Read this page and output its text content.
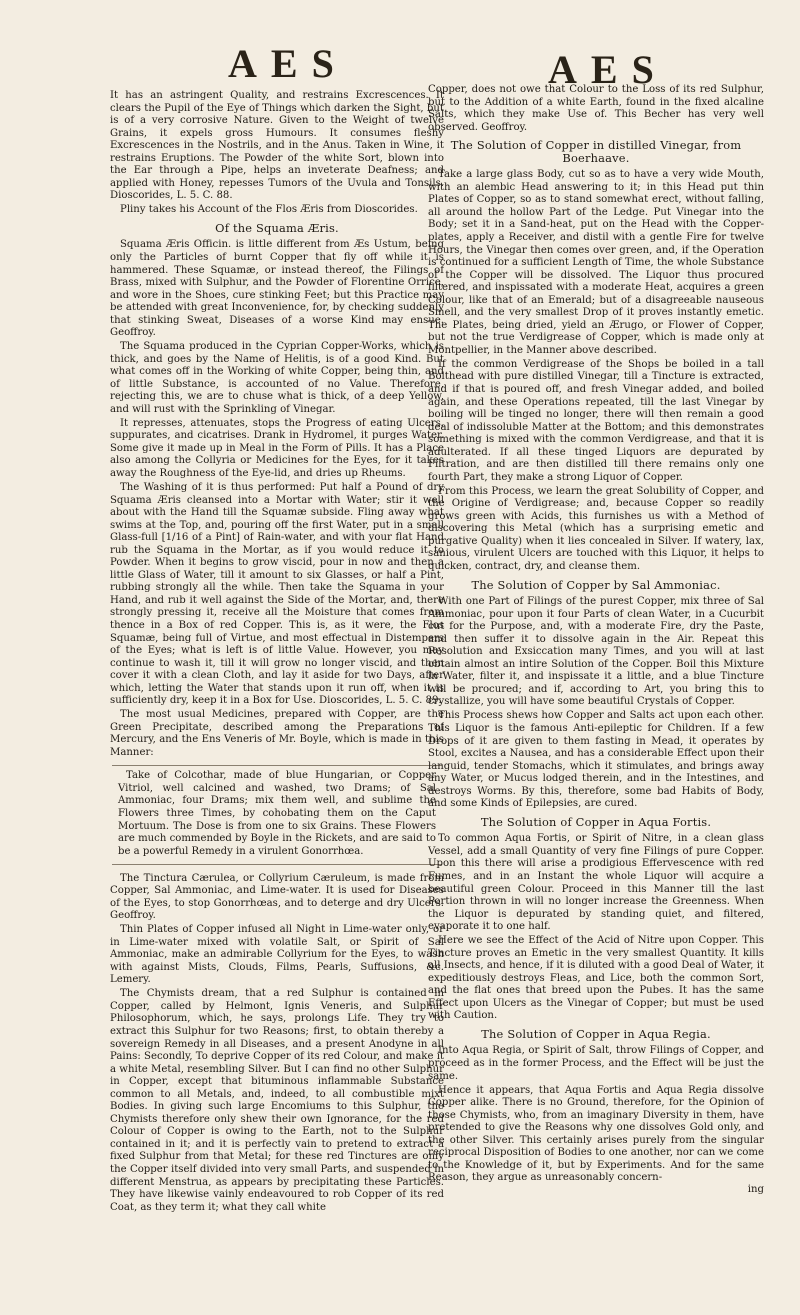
AES	AES

It has an astringent Quality, and restrains Excrescences. It clears the Pupil of the Eye of Things which darken the Sight, but is of a very corrosive Nature. Given to the Weight of twelve Grains, it expels gross Humours. It consumes fleshy Excrescences in the Nostrils, and in the Anus. Taken in Wine, it restrains Eruptions. The Powder of the white Sort, blown into the Ear through a Pipe, helps an inveterate Deafness; and applied with Honey, repesses Tumors of the Uvula and Tonsils. Dioscorides, L. 5. C. 88.

Pliny takes his Account of the Flos Æris from Dioscorides.

Of the Squama Æris.

Squama Æris Officin. is little different from Æs Ustum, being only the Particles of burnt Copper that fly off while it is hammered. These Squamæ, or instead thereof, the Filings of Brass, mixed with Sulphur, and the Powder of Florentine Orrice, and wore in the Shoes, cure stinking Feet; but this Practice may be attended with great Inconvenience, for, by checking suddenly that stinking Sweat, Diseases of a worse Kind may ensue. Geoffroy.

The Squama produced in the Cyprian Copper-Works, which is thick, and goes by the Name of Helitis, is of a good Kind. But what comes off in the Working of white Copper, being thin, and of little Substance, is accounted of no Value. Therefore, rejecting this, we are to chuse what is thick, of a deep Yellow, and will rust with the Sprinkling of Vinegar.

It represses, attenuates, stops the Progress of eating Ulcers, suppurates, and cicatrises. Drank in Hydromel, it purges Water. Some give it made up in Meal in the Form of Pills. It has a Place also among the Collyria or Medicines for the Eyes, for it takes away the Roughness of the Eye-lid, and dries up Rheums.

The Washing of it is thus performed: Put half a Pound of dry Squama Æris cleansed into a Mortar with Water; stir it well about with the Hand till the Squamæ subside. Fling away what swims at the Top, and, pouring off the first Water, put in a small Glass-full [1/16 of a Pint] of Rain-water, and with your flat Hand rub the Squama in the Mortar, as if you would reduce it to Powder. When it begins to grow viscid, pour in now and then a little Glass of Water, till it amount to six Glasses, or half a Pint, rubbing strongly all the while. Then take the Squama in your Hand, and rub it well against the Side of the Mortar, and, there strongly pressing it, receive all the Moisture that comes from thence in a Box of red Copper. This is, as it were, the Flos Squamæ, being full of Virtue, and most effectual in Distempers of the Eyes; what is left is of little Value. However, you may continue to wash it, till it will grow no longer viscid, and then cover it with a clean Cloth, and lay it aside for two Days, after which, letting the Water that stands upon it run off, when it is sufficiently dry, keep it in a Box for Use. Dioscorides, L. 5. C. 89.

The most usual Medicines, prepared with Copper, are the Green Precipitate, described among the Preparations of Mercury, and the Ens Veneris of Mr. Boyle, which is made in this Manner:

Take of Colcothar, made of blue Hungarian, or Copper Vitriol, well calcined and washed, two Drams; of Sal Ammoniac, four Drams; mix them well, and sublime the Flowers three Times, by cohobating them on the Caput Mortuum. The Dose is from one to six Grains. These Flowers are much commended by Boyle in the Rickets, and are said to be a powerful Remedy in a virulent Gonorrhœa.

The Tinctura Cærulea, or Collyrium Cæruleum, is made from Copper, Sal Ammoniac, and Lime-water. It is used for Diseases of the Eyes, to stop Gonorrhœas, and to deterge and dry Ulcers. Geoffroy.

Thin Plates of Copper infused all Night in Lime-water only, or in Lime-water mixed with volatile Salt, or Spirit of Sal Ammoniac, make an admirable Collyrium for the Eyes, to wash with against Mists, Clouds, Films, Pearls, Suffusions, &c. Lemery.

The Chymists dream, that a red Sulphur is contained in Copper, called by Helmont, Ignis Veneris, and Sulphur Philosophorum, which, he says, prolongs Life. They try to extract this Sulphur for two Reasons; first, to obtain thereby a sovereign Remedy in all Diseases, and a present Anodyne in all Pains: Secondly, To deprive Copper of its red Colour, and make it a white Metal, resembling Silver. But I can find no other Sulphur in Copper, except that bituminous inflammable Substance common to all Metals, and, indeed, to all combustible mixt Bodies. In giving such large Encomiums to this Sulphur, the Chymists therefore only shew their own Ignorance, for the red Colour of Copper is owing to the Earth, not to the Sulphur contained in it; and it is perfectly vain to pretend to extract a fixed Sulphur from that Metal; for these red Tinctures are only the Copper itself divided into very small Parts, and suspended in different Menstrua, as appears by precipitating these Particles. They have likewise vainly endeavoured to rob Copper of its red Coat, as they term it; what they call white

Copper, does not owe that Colour to the Loss of its red Sulphur, but to the Addition of a white Earth, found in the fixed alcaline Salts, which they make Use of. This Becher has very well observed. Geoffroy.

The Solution of Copper in distilled Vinegar, from Boerhaave.

Take a large glass Body, cut so as to have a very wide Mouth, with an alembic Head answering to it; in this Head put thin Plates of Copper, so as to stand somewhat erect, without falling, all around the hollow Part of the Ledge. Put Vinegar into the Body; set it in a Sand-heat, put on the Head with the Copper-plates, apply a Receiver, and distil with a gentle Fire for twelve Hours, the Vinegar then comes over green, and, if the Operation is continued for a sufficient Length of Time, the whole Substance of the Copper will be dissolved. The Liquor thus procured filtered, and inspissated with a moderate Heat, acquires a green Colour, like that of an Emerald; but of a disagreeable nauseous Smell, and the very smallest Drop of it proves instantly emetic. The Plates, being dried, yield an Ærugo, or Flower of Copper, but not the true Verdigrease of Copper, which is made only at Montpellier, in the Manner above described.

If the common Verdigrease of the Shops be boiled in a tall Bolthead with pure distilled Vinegar, till a Tincture is extracted, and if that is poured off, and fresh Vinegar added, and boiled again, and these Operations repeated, till the last Vinegar by boiling will be tinged no longer, there will then remain a good deal of indissoluble Matter at the Bottom; and this demonstrates something is mixed with the common Verdigrease, and that it is adulterated. If all these tinged Liquors are depurated by Filtration, and are then distilled till there remains only one fourth Part, they make a strong Liquor of Copper.

From this Process, we learn the great Solubility of Copper, and the Origine of Verdigrease; and, because Copper so readily grows green with Acids, this furnishes us with a Method of discovering this Metal (which has a surprising emetic and purgative Quality) when it lies concealed in Silver. If watery, lax, sanious, virulent Ulcers are touched with this Liquor, it helps to quicken, contract, dry, and cleanse them.

The Solution of Copper by Sal Ammoniac.

With one Part of Filings of the purest Copper, mix three of Sal Ammoniac, pour upon it four Parts of clean Water, in a Cucurbit cut for the Purpose, and, with a moderate Fire, dry the Paste, and then suffer it to dissolve again in the Air. Repeat this Resolution and Exsiccation many Times, and you will at last obtain almost an intire Solution of the Copper. Boil this Mixture in Water, filter it, and inspissate it a little, and a blue Tincture will be procured; and if, according to Art, you bring this to crystallize, you will have some beautiful Crystals of Copper.

This Process shews how Copper and Salts act upon each other. This Liquor is the famous Anti-epileptic for Children. If a few Drops of it are given to them fasting in Mead, it operates by Stool, excites a Nausea, and has a considerable Effect upon their languid, tender Stomachs, which it stimulates, and brings away any Water, or Mucus lodged therein, and in the Intestines, and destroys Worms. By this, therefore, some bad Habits of Body, and some Kinds of Epilepsies, are cured.

The Solution of Copper in Aqua Fortis.

To common Aqua Fortis, or Spirit of Nitre, in a clean glass Vessel, add a small Quantity of very fine Filings of pure Copper. Upon this there will arise a prodigious Effervescence with red Fumes, and in an Instant the whole Liquor will acquire a beautiful green Colour. Proceed in this Manner till the last Portion thrown in will no longer increase the Greenness. When the Liquor is depurated by standing quiet, and filtered, evaporate it to one half.

Here we see the Effect of the Acid of Nitre upon Copper. This Tincture proves an Emetic in the very smallest Quantity. It kills all Insects, and hence, if it is diluted with a good Deal of Water, it expeditiously destroys Fleas, and Lice, both the common Sort, and the flat ones that breed upon the Pubes. It has the same Effect upon Ulcers as the Vinegar of Copper; but must be used with Caution.

The Solution of Copper in Aqua Regia.

Into Aqua Regia, or Spirit of Salt, throw Filings of Copper, and proceed as in the former Process, and the Effect will be just the same.

Hence it appears, that Aqua Fortis and Aqua Regia dissolve Copper alike. There is no Ground, therefore, for the Opinion of those Chymists, who, from an imaginary Diversity in them, have pretended to give the Reasons why one dissolves Gold only, and the other Silver. This certainly arises purely from the singular reciprocal Disposition of Bodies to one another, nor can we come to the Knowledge of it, but by Experiments. And for the same Reason, they argue as unreasonably concern-

ing
